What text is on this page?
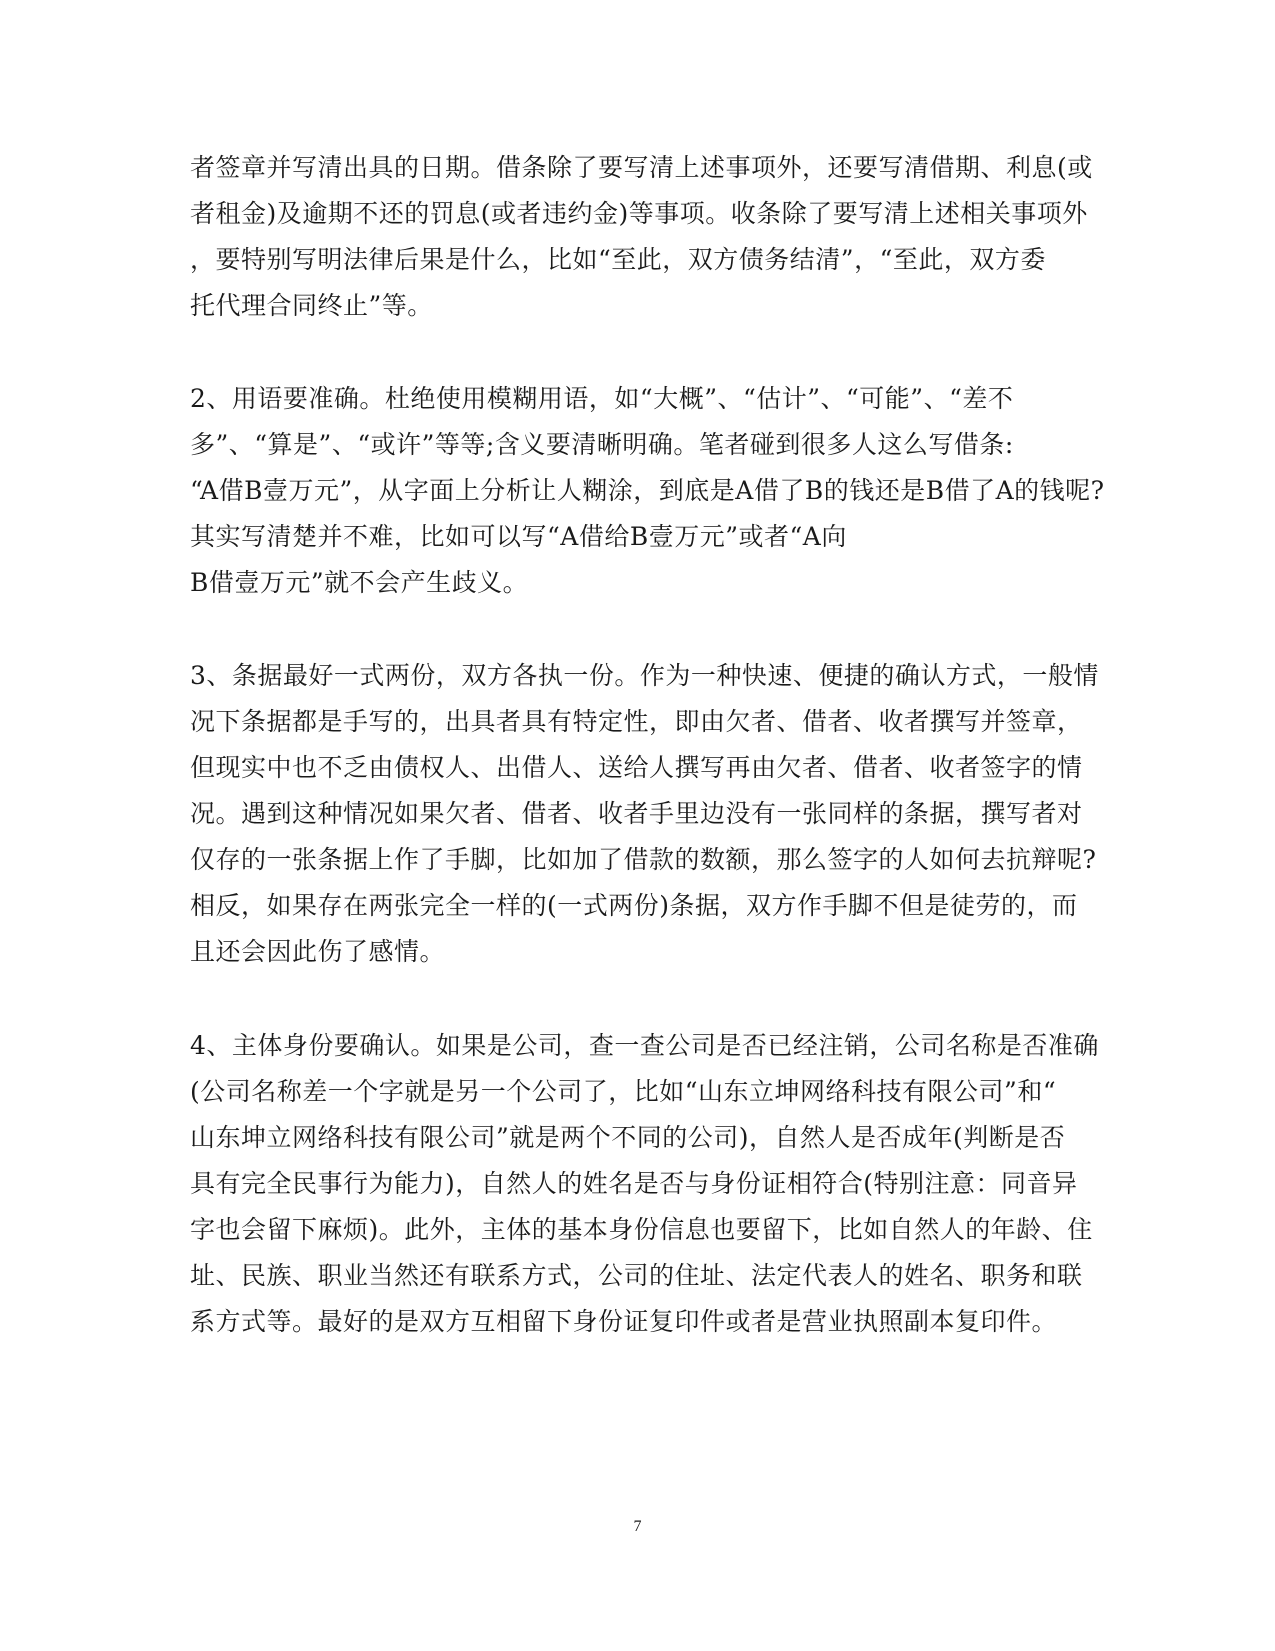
者签章并写清出具的日期。借条除了要写清上述事项外，还要写清借期、利息(或
者租金)及逾期不还的罚息(或者违约金)等事项。收条除了要写清上述相关事项外
，要特别写明法律后果是什么，比如“至此，双方债务结清”，“至此，双方委
托代理合同终止”等。
2、用语要准确。杜绝使用模糊用语，如“大概”、“估计”、“可能”、“差不
多”、“算是”、“或许”等等;含义要清晰明确。笔者碰到很多人这么写借条:
“A借B壹万元”，从字面上分析让人糊涂，到底是A借了B的钱还是B借了A的钱呢?
其实写清楚并不难，比如可以写“A借给B壹万元”或者“A向
B借壹万元”就不会产生歧义。
3、条据最好一式两份，双方各执一份。作为一种快速、便捷的确认方式，一般情
况下条据都是手写的，出具者具有特定性，即由欠者、借者、收者撰写并签章，
但现实中也不乏由债权人、出借人、送给人撰写再由欠者、借者、收者签字的情
况。遇到这种情况如果欠者、借者、收者手里边没有一张同样的条据，撰写者对
仅存的一张条据上作了手脚，比如加了借款的数额，那么签字的人如何去抗辩呢?
相反，如果存在两张完全一样的(一式两份)条据，双方作手脚不但是徒劳的，而
且还会因此伤了感情。
4、主体身份要确认。如果是公司，查一查公司是否已经注销，公司名称是否准确
(公司名称差一个字就是另一个公司了，比如“山东立坤网络科技有限公司”和“
山东坤立网络科技有限公司”就是两个不同的公司)，自然人是否成年(判断是否
具有完全民事行为能力)，自然人的姓名是否与身份证相符合(特别注意：同音异
字也会留下麻烦)。此外，主体的基本身份信息也要留下，比如自然人的年龄、住
址、民族、职业当然还有联系方式，公司的住址、法定代表人的姓名、职务和联
系方式等。最好的是双方互相留下身份证复印件或者是营业执照副本复印件。
7
